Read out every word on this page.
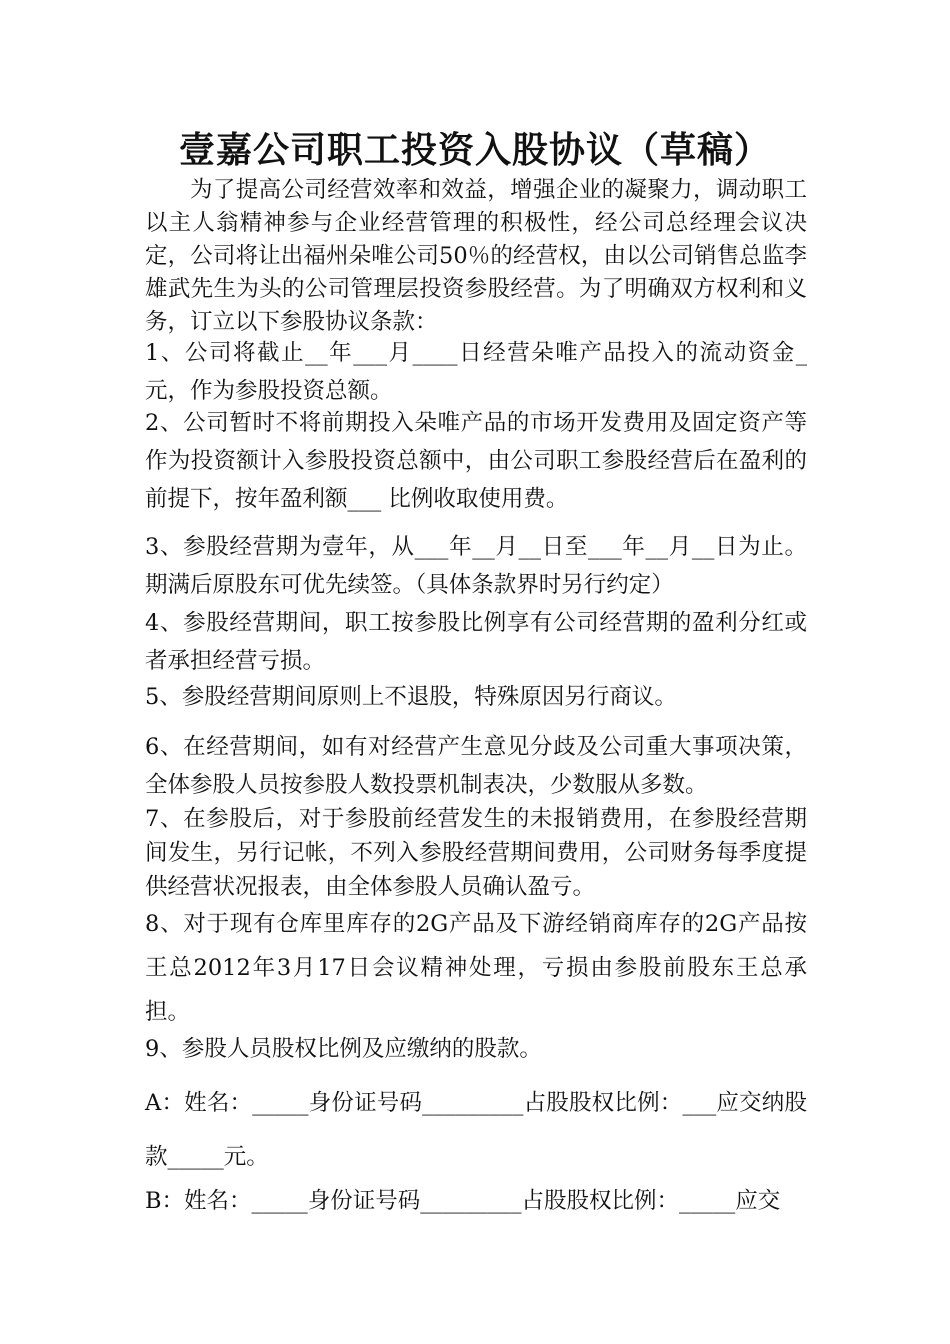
壹嘉公司职工投资入股协议（草稿）

为了提高公司经营效率和效益，增强企业的凝聚力，调动职工以主人翁精神参与企业经营管理的积极性，经公司总经理会议决定，公司将让出福州朵唯公司50％的经营权，由以公司销售总监李雄武先生为头的公司管理层投资参股经营。为了明确双方权利和义务，订立以下参股协议条款：

1、公司将截止__年___月____日经营朵唯产品投入的流动资金_元，作为参股投资总额。

2、公司暂时不将前期投入朵唯产品的市场开发费用及固定资产等作为投资额计入参股投资总额中，由公司职工参股经营后在盈利的前提下，按年盈利额___ 比例收取使用费。

3、参股经营期为壹年，从___年__月__日至___年__月__日为止。期满后原股东可优先续签。（具体条款界时另行约定）

4、参股经营期间，职工按参股比例享有公司经营期的盈利分红或者承担经营亏损。

5、参股经营期间原则上不退股，特殊原因另行商议。

6、在经营期间，如有对经营产生意见分歧及公司重大事项决策，全体参股人员按参股人数投票机制表决，少数服从多数。

7、在参股后，对于参股前经营发生的未报销费用，在参股经营期间发生，另行记帐，不列入参股经营期间费用，公司财务每季度提供经营状况报表，由全体参股人员确认盈亏。

8、对于现有仓库里库存的2G产品及下游经销商库存的2G产品按王总2012年3月17日会议精神处理，亏损由参股前股东王总承担。

9、参股人员股权比例及应缴纳的股款。

A：姓名：_____身份证号码_________占股股权比例：___应交纳股款_____元。

B：姓名：_____身份证号码_________占股股权比例：_____应交
